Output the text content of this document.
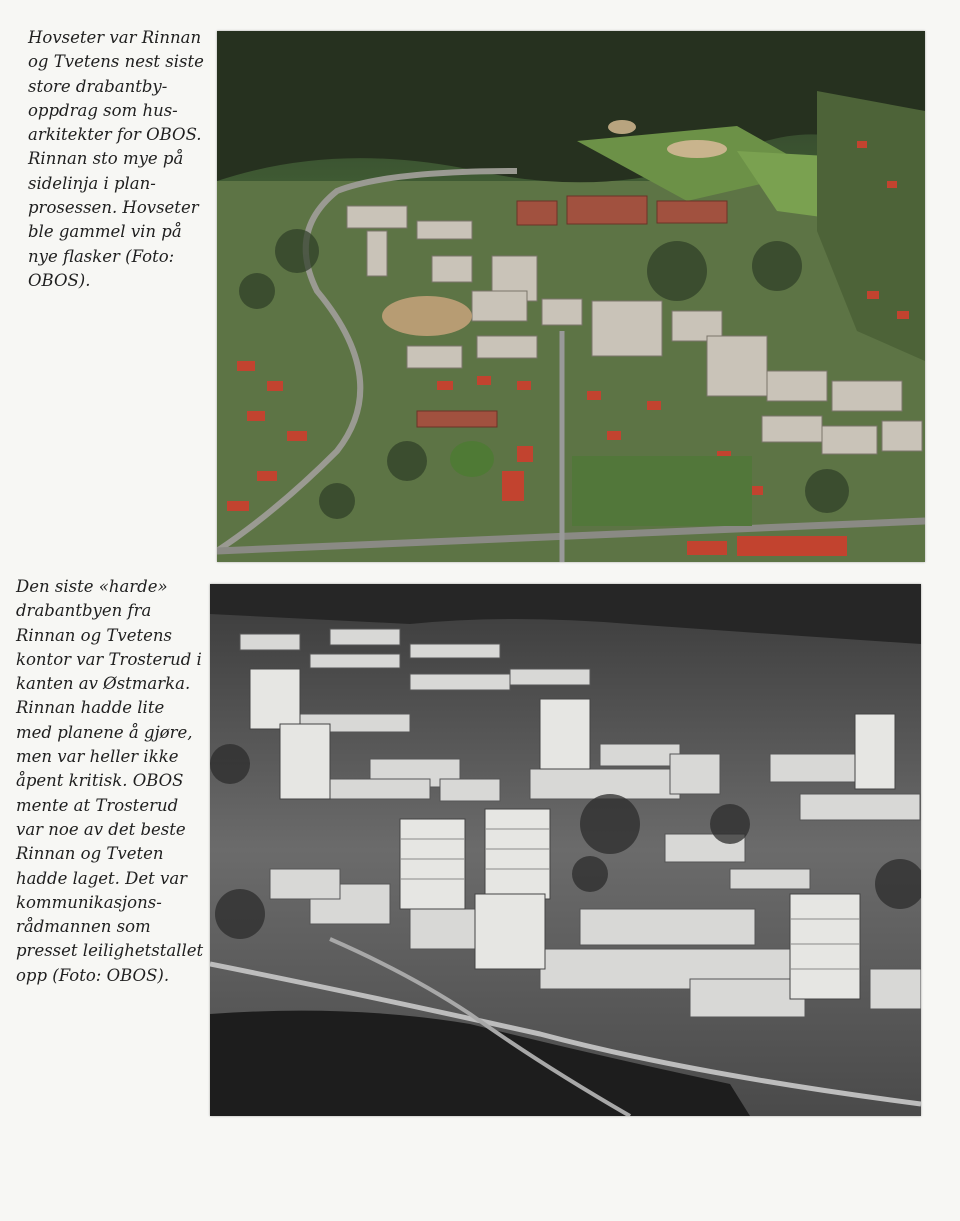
Hovseter var Rinnan
og Tvetens nest siste
store drabantby-
oppdrag som hus-
arkitekter for OBOS.
Rinnan sto mye på
sidelinja i plan-
prosessen. Hovseter
ble gammel vin på
nye flasker (Foto:
OBOS).

Den siste «harde»
drabantbyen fra
Rinnan og Tvetens
kontor var Trosterud i
kanten av Østmarka.
Rinnan hadde lite
med planene å gjøre,
men var heller ikke
åpent kritisk. OBOS
mente at Trosterud
var noe av det beste
Rinnan og Tveten
hadde laget. Det var
kommunikasjons-
rådmannen som
presset leilighetstallet
opp (Foto: OBOS).
